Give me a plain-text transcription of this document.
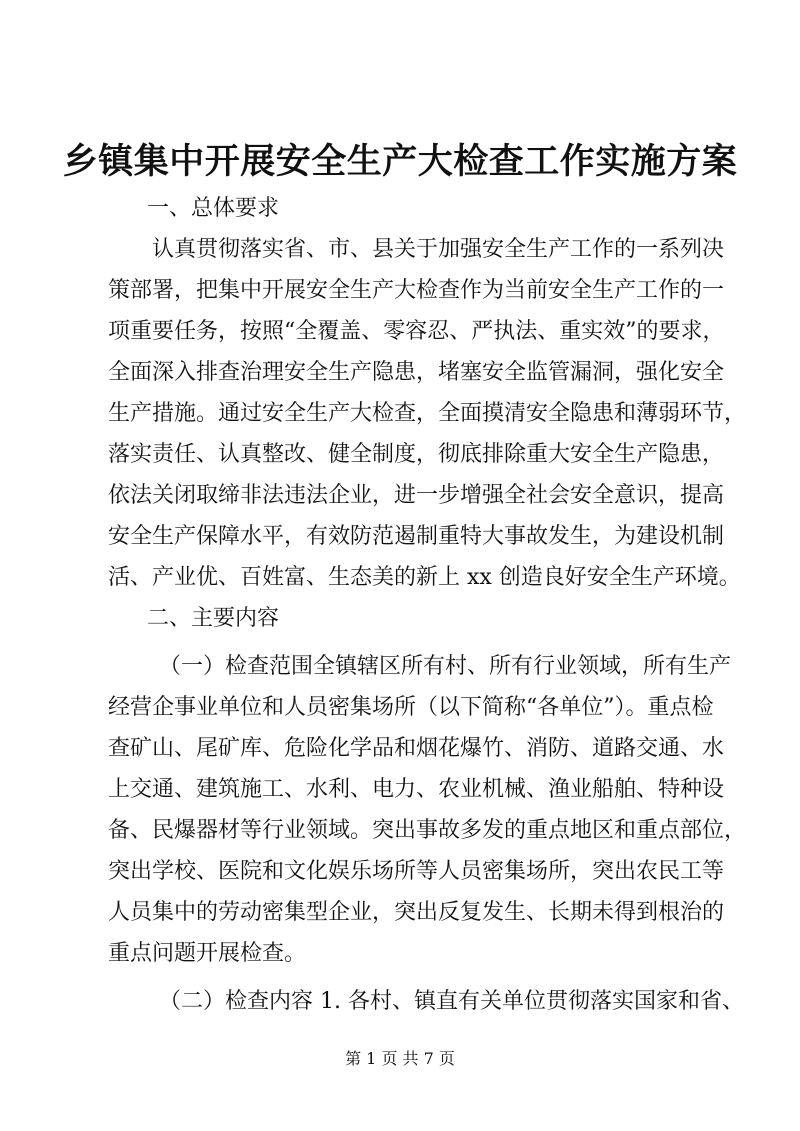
乡镇集中开展安全生产大检查工作实施方案
一、总体要求
认真贯彻落实省、市、县关于加强安全生产工作的一系列决
策部署，把集中开展安全生产大检查作为当前安全生产工作的一
项重要任务，按照“全覆盖、零容忍、严执法、重实效”的要求，
全面深入排查治理安全生产隐患，堵塞安全监管漏洞，强化安全
生产措施。通过安全生产大检查，全面摸清安全隐患和薄弱环节，
落实责任、认真整改、健全制度，彻底排除重大安全生产隐患，
依法关闭取缔非法违法企业，进一步增强全社会安全意识，提高
安全生产保障水平，有效防范遏制重特大事故发生，为建设机制
活、产业优、百姓富、生态美的新上 xx 创造良好安全生产环境。
二、主要内容
（一）检查范围全镇辖区所有村、所有行业领域，所有生产
经营企事业单位和人员密集场所（以下简称“各单位”）。重点检
查矿山、尾矿库、危险化学品和烟花爆竹、消防、道路交通、水
上交通、建筑施工、水利、电力、农业机械、渔业船舶、特种设
备、民爆器材等行业领域。突出事故多发的重点地区和重点部位，
突出学校、医院和文化娱乐场所等人员密集场所，突出农民工等
人员集中的劳动密集型企业，突出反复发生、长期未得到根治的
重点问题开展检查。
（二）检查内容 1. 各村、镇直有关单位贯彻落实国家和省、
第 1 页 共 7 页
